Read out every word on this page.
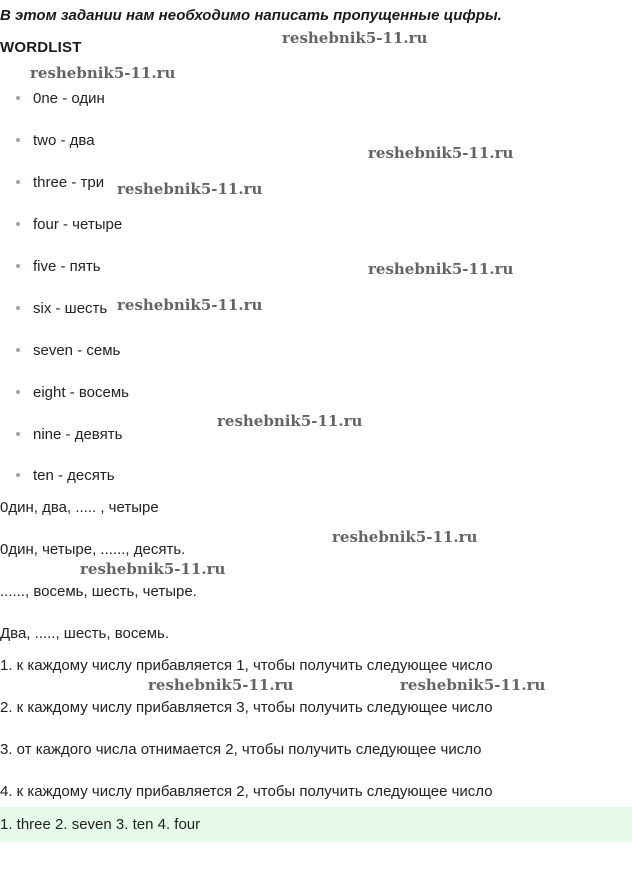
В этом задании нам необходимо написать пропущенные цифры.
WORDLIST
0ne - один
two - два
three - три
four - четыре
five - пять
six - шесть
seven - семь
eight - восемь
nine - девять
ten - десять
0дин, два, ..... , четыре
0дин, четыре, ......, десять.
......, восемь, шесть, четыре.
Два, ....., шесть, восемь.
1. к каждому числу прибавляется 1, чтобы получить следующее число
2. к каждому числу прибавляется 3, чтобы получить следующее число
3. от каждого числа отнимается 2, чтобы получить следующее число
4. к каждому числу прибавляется 2, чтобы получить следующее число
1. three 2. seven 3. ten 4. four
reshebnik5-11.ru
reshebnik5-11.ru
reshebnik5-11.ru
reshebnik5-11.ru
reshebnik5-11.ru
reshebnik5-11.ru
reshebnik5-11.ru
reshebnik5-11.ru
reshebnik5-11.ru
reshebnik5-11.ru	reshebnik5-11.ru
